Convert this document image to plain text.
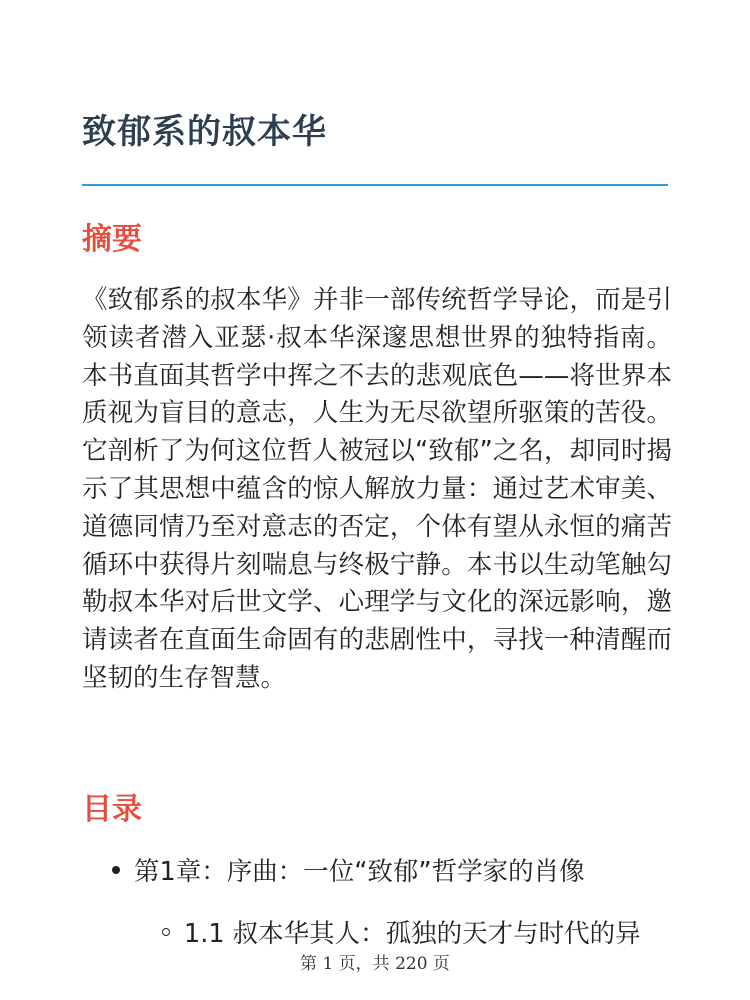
致郁系的叔本华
摘要

《致郁系的叔本华》并非一部传统哲学导论，而是引领读者潜入亚瑟·叔本华深邃思想世界的独特指南。本书直面其哲学中挥之不去的悲观底色——将世界本质视为盲目的意志，人生为无尽欲望所驱策的苦役。它剖析了为何这位哲人被冠以“致郁”之名，却同时揭示了其思想中蕴含的惊人解放力量：通过艺术审美、道德同情乃至对意志的否定，个体有望从永恒的痛苦循环中获得片刻喘息与终极宁静。本书以生动笔触勾勒叔本华对后世文学、心理学与文化的深远影响，邀请读者在直面生命固有的悲剧性中，寻找一种清醒而坚韧的生存智慧。

目录
第1章：序曲：一位“致郁”哲学家的肖像
1.1 叔本华其人：孤独的天才与时代的异
第 1 页，共 220 页
